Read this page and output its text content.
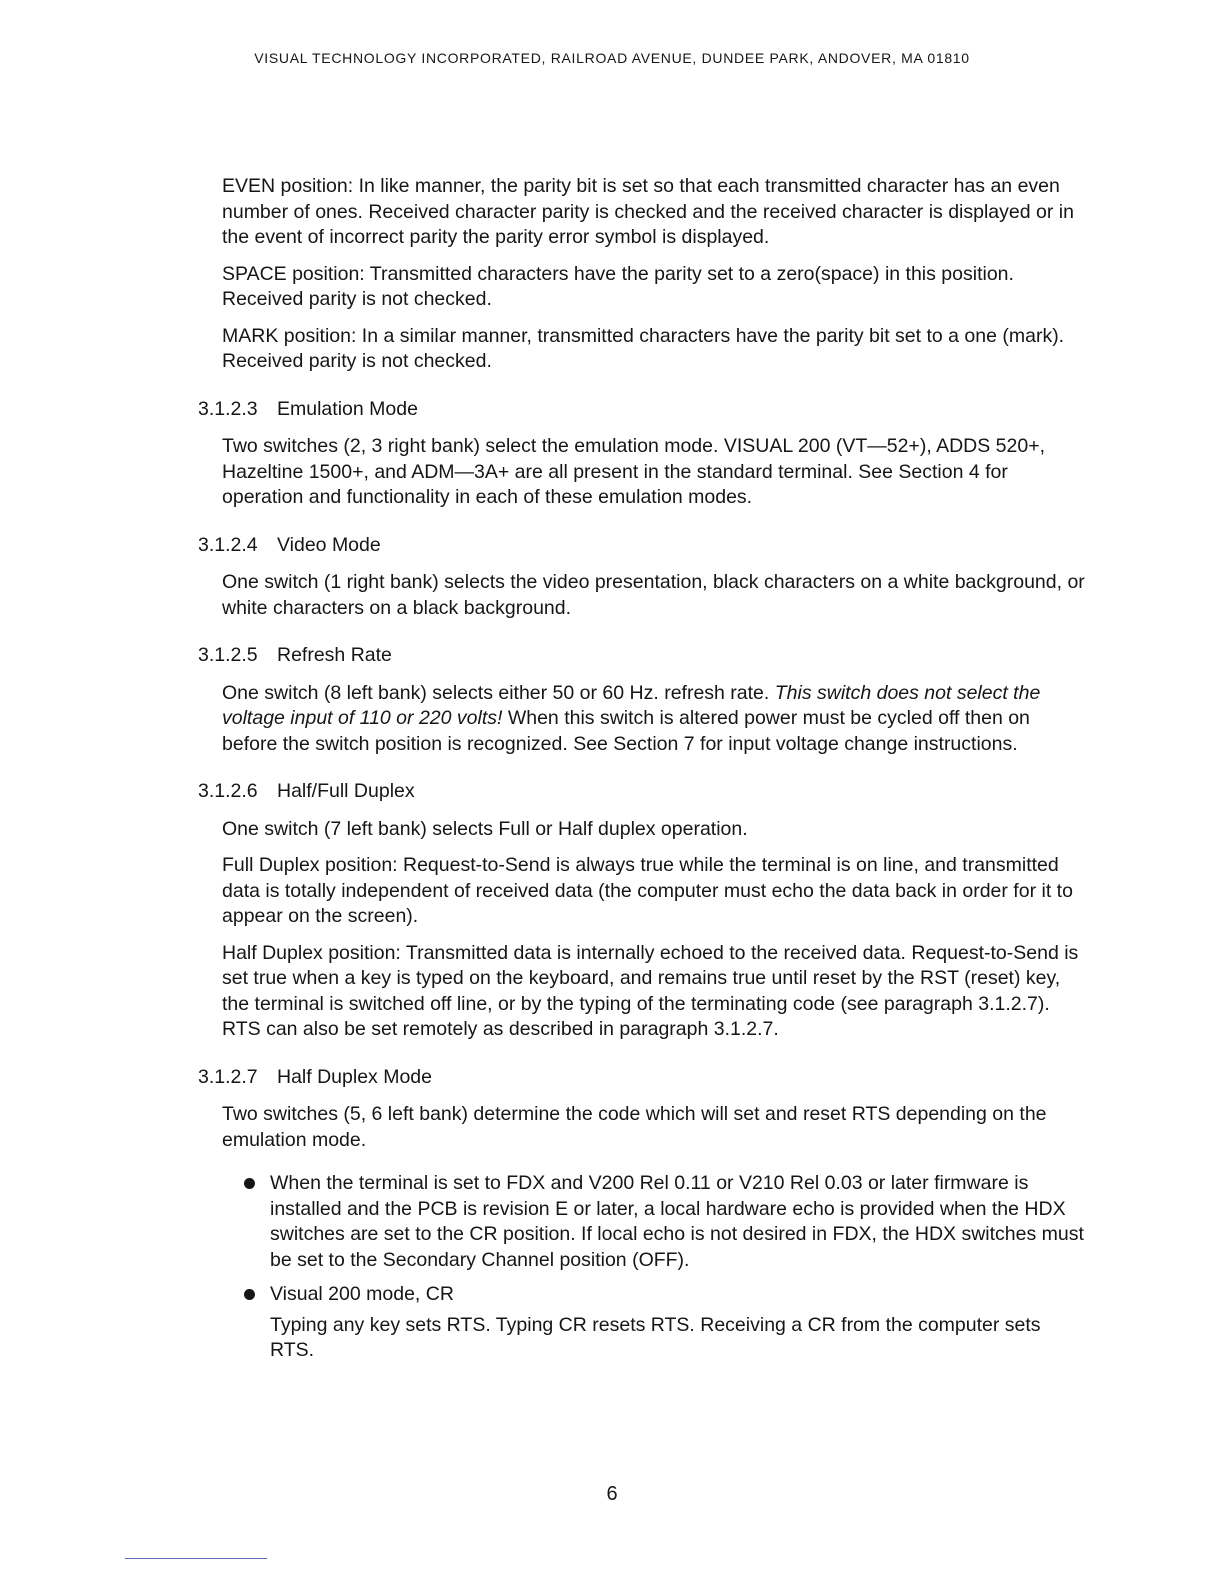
VISUAL TECHNOLOGY INCORPORATED, RAILROAD AVENUE, DUNDEE PARK, ANDOVER, MA 01810

EVEN position: In like manner, the parity bit is set so that each transmitted character has an even number of ones. Received character parity is checked and the received character is displayed or in the event of incorrect parity the parity error symbol is displayed.

SPACE position: Transmitted characters have the parity set to a zero(space) in this position. Received parity is not checked.

MARK position: In a similar manner, transmitted characters have the parity bit set to a one (mark). Received parity is not checked.

3.1.2.3 Emulation Mode

Two switches (2, 3 right bank) select the emulation mode. VISUAL 200 (VT—52+), ADDS 520+, Hazeltine 1500+, and ADM—3A+ are all present in the standard terminal. See Section 4 for operation and functionality in each of these emulation modes.

3.1.2.4 Video Mode

One switch (1 right bank) selects the video presentation, black characters on a white background, or white characters on a black background.

3.1.2.5 Refresh Rate

One switch (8 left bank) selects either 50 or 60 Hz. refresh rate. This switch does not select the voltage input of 110 or 220 volts! When this switch is altered power must be cycled off then on before the switch position is recognized. See Section 7 for input voltage change instructions.

3.1.2.6 Half/Full Duplex

One switch (7 left bank) selects Full or Half duplex operation.

Full Duplex position: Request-to-Send is always true while the terminal is on line, and transmitted data is totally independent of received data (the computer must echo the data back in order for it to appear on the screen).

Half Duplex position: Transmitted data is internally echoed to the received data. Request-to-Send is set true when a key is typed on the keyboard, and remains true until reset by the RST (reset) key, the terminal is switched off line, or by the typing of the terminating code (see paragraph 3.1.2.7). RTS can also be set remotely as described in paragraph 3.1.2.7.

3.1.2.7 Half Duplex Mode

Two switches (5, 6 left bank) determine the code which will set and reset RTS depending on the emulation mode.

When the terminal is set to FDX and V200 Rel 0.11 or V210 Rel 0.03 or later firmware is installed and the PCB is revision E or later, a local hardware echo is provided when the HDX switches are set to the CR position. If local echo is not desired in FDX, the HDX switches must be set to the Secondary Channel position (OFF).
Visual 200 mode, CR
Typing any key sets RTS. Typing CR resets RTS. Receiving a CR from the computer sets RTS.
6
